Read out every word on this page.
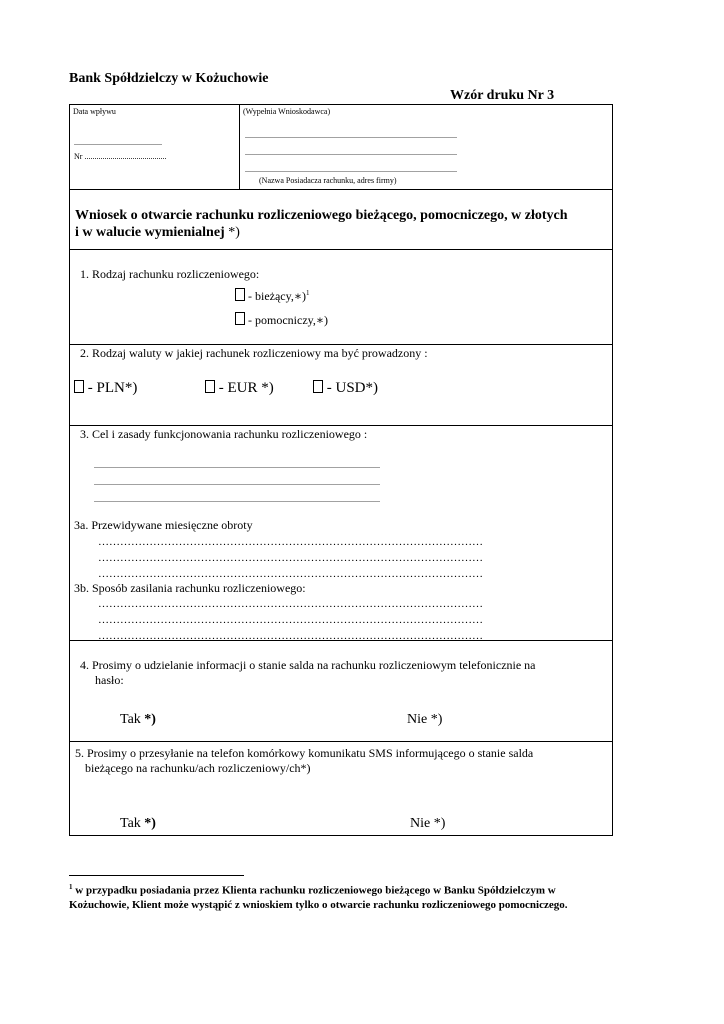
Bank Spółdzielczy w Kożuchowie
Wzór druku Nr 3
Data wpływu
............................................
Nr .........................................
(Wypełnia Wnioskodawca)
..........................................................................................................
..........................................................................................................
..........................................................................................................
(Nazwa Posiadacza rachunku, adres firmy)
Wniosek o otwarcie rachunku rozliczeniowego bieżącego, pomocniczego, w złotych
i w walucie wymienialnej *)
1. Rodzaj rachunku rozliczeniowego:
- bieżący,∗)$^1$
- pomocniczy,∗)
2. Rodzaj waluty w jakiej rachunek rozliczeniowy ma być prowadzony :
- PLN*)	- EUR *)	- USD*)
3. Cel i zasady funkcjonowania rachunku rozliczeniowego :
...............................................................................................................................................
...............................................................................................................................................
...............................................................................................................................................
3a. Przewidywane miesięczne obroty
……………………………………………………………………………………………
……………………………………………………………………………………………
……………………………………………………………………………………………
3b. Sposób zasilania rachunku rozliczeniowego:
……………………………………………………………………………………………
……………………………………………………………………………………………
……………………………………………………………………………………………
4. Prosimy o udzielanie informacji o stanie salda na rachunku rozliczeniowym telefonicznie na
hasło:
Tak *)	Nie *)
5. Prosimy o przesyłanie na telefon komórkowy komunikatu SMS informującego o stanie salda
bieżącego na rachunku/ach rozliczeniowy/ch*)
Tak *)	Nie *)
$^1$ w przypadku posiadania przez Klienta rachunku rozliczeniowego bieżącego w Banku Spółdzielczym w
Kożuchowie, Klient może wystąpić z wnioskiem tylko o otwarcie rachunku rozliczeniowego pomocniczego.
